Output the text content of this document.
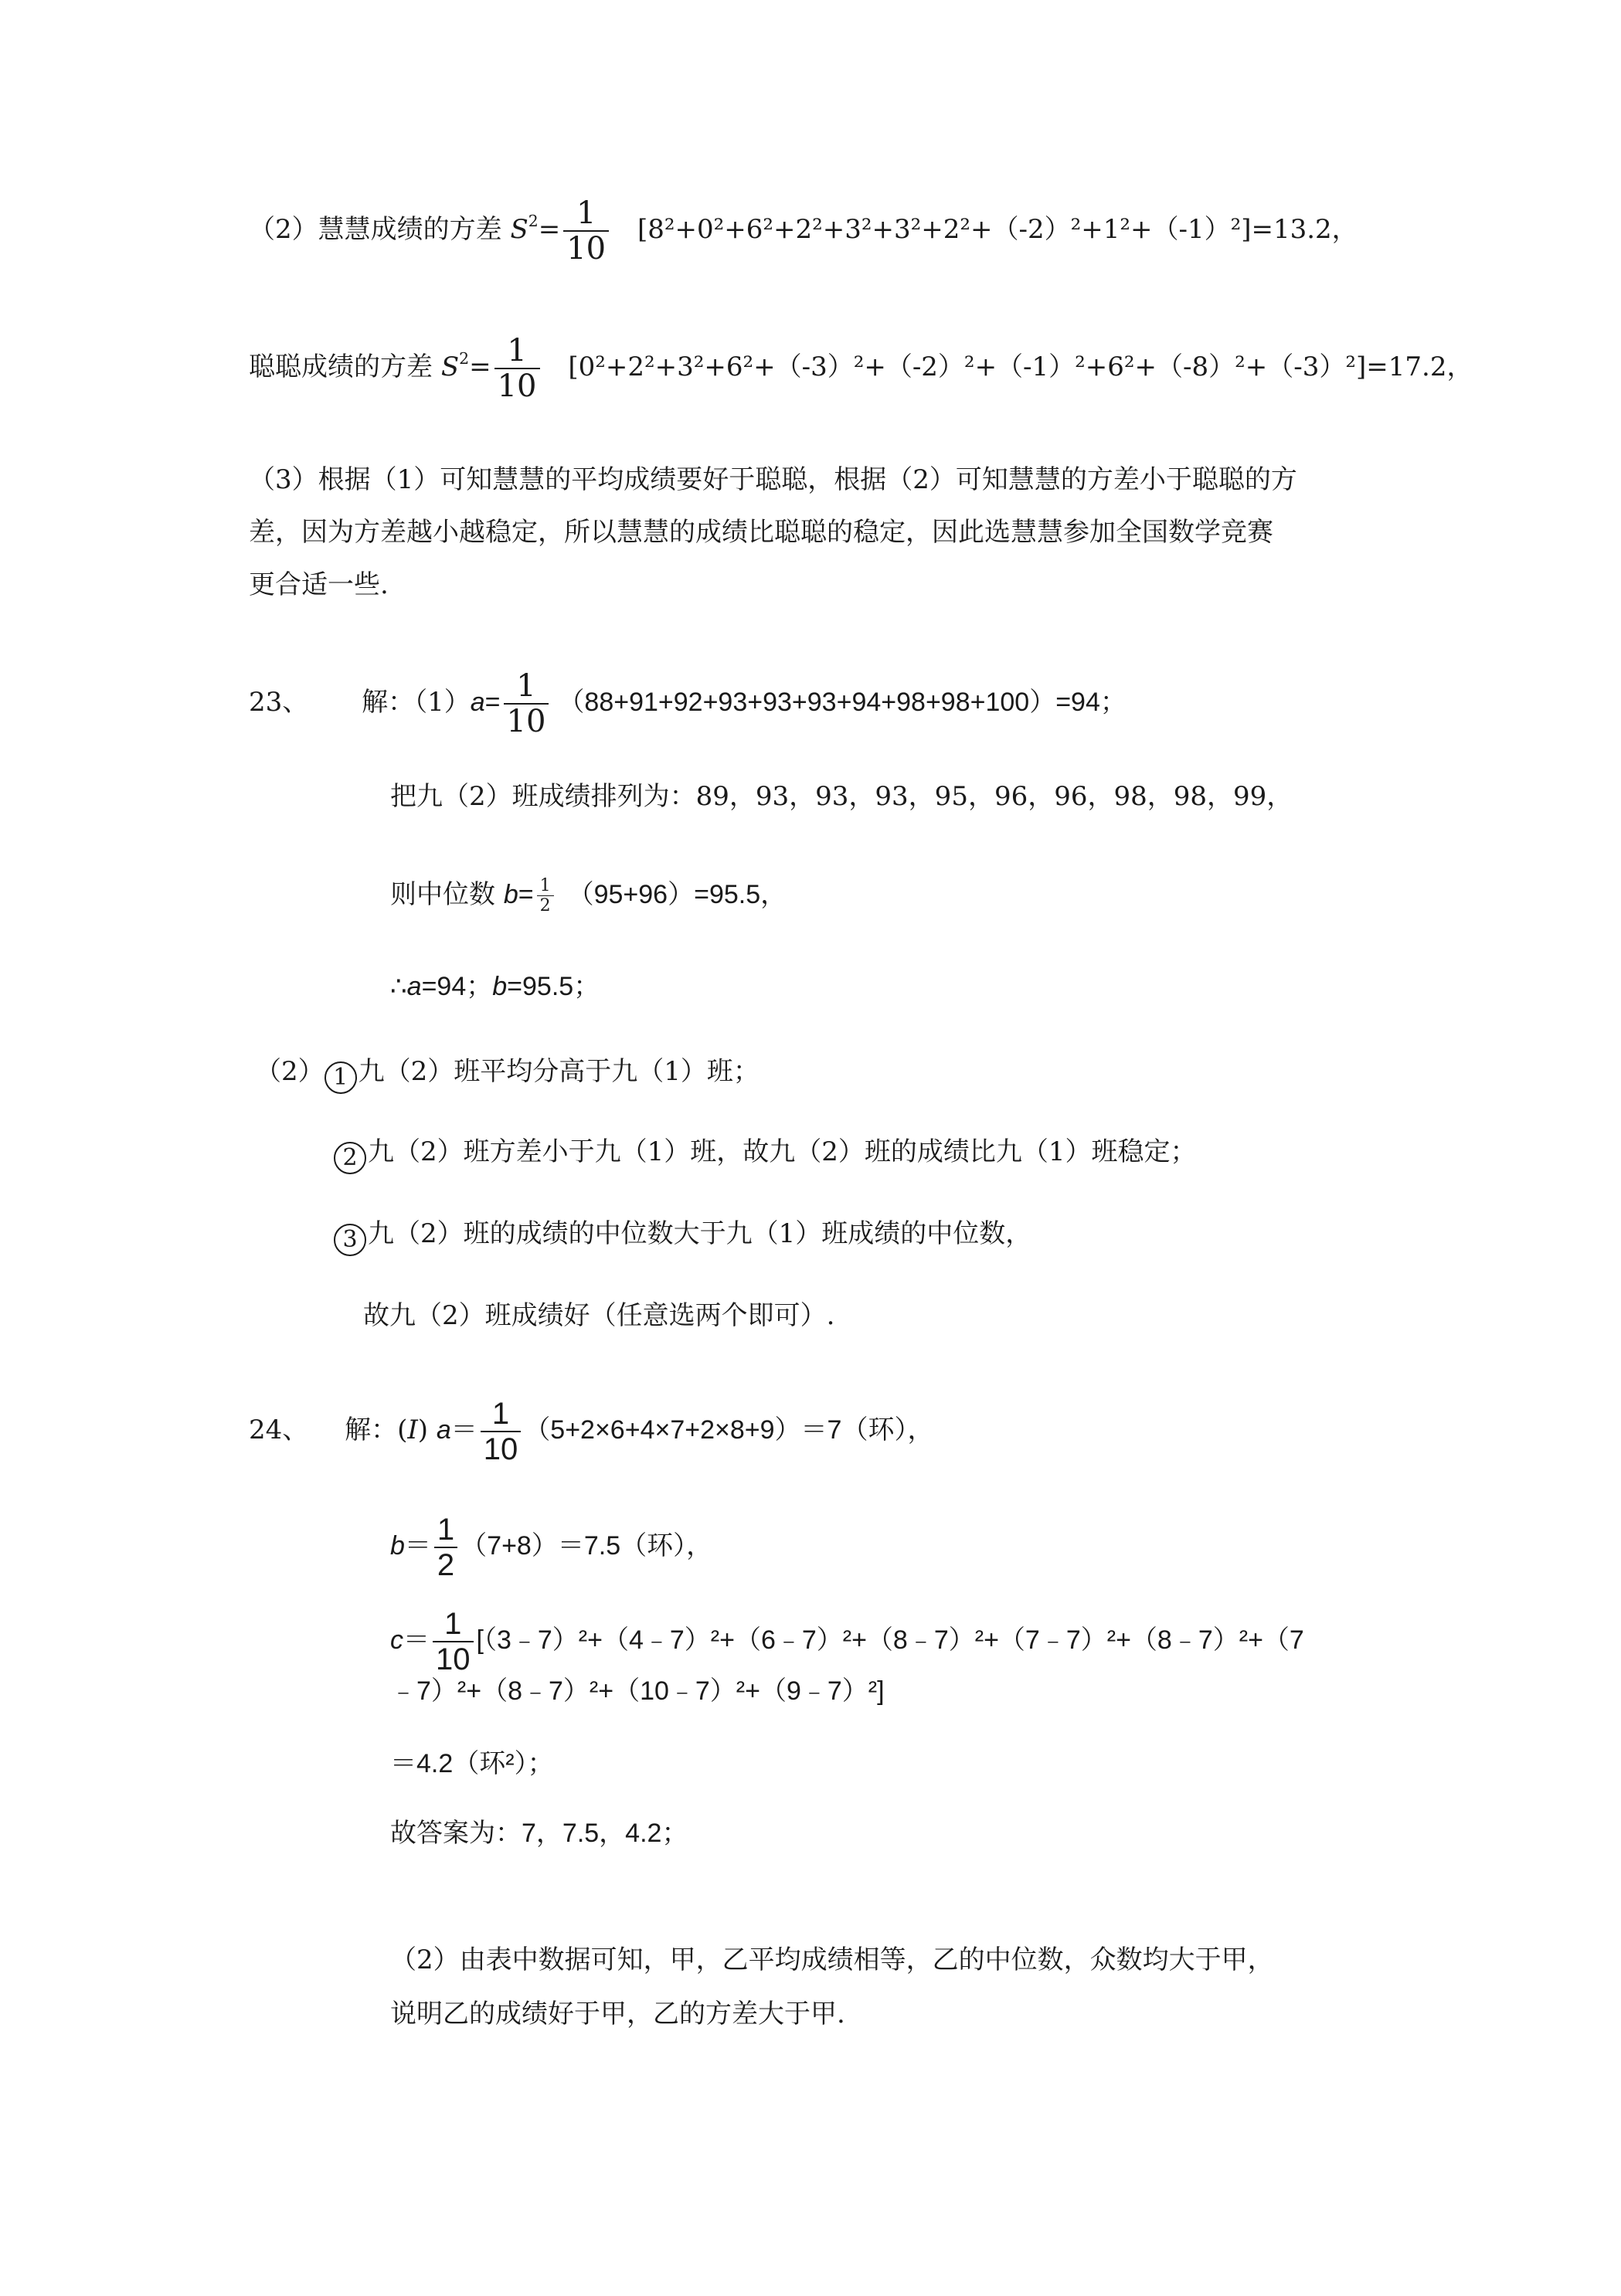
（2）慧慧成绩的方差 $S^2= \frac{1}{10} [8^2+0^2+6^2+2^2+3^2+3^2+2^2+(-2)^2+1^2+(-1)^2]=13.2$，
聪聪成绩的方差 $S^2= \frac{1}{10} [0^2+2^2+3^2+6^2+(-3)^2+(-2)^2+(-1)^2+6^2+(-8)^2+(-3)^2]=17.2$，
（3）根据（1）可知慧慧的平均成绩要好于聪聪，根据（2）可知慧慧的方差小于聪聪的方
差，因为方差越小越稳定，所以慧慧的成绩比聪聪的稳定，因此选慧慧参加全国数学竞赛
更合适一些.
23、 解：$(1)a= \frac{1}{10} (88+91+92+93+93+93+94+98+98+100)=94$；
把九（2）班成绩排列为：89，93，93，93，95，96，96，98，98，99，
则中位数 $b= \frac{1}{2} (95+96)=95.5$，
∴a=94；b=95.5；
（2） 1 九（2）班平均分高于九（1）班；
2 九（2）班方差小于九（1）班，故九（2）班的成绩比九（1）班稳定；
3 九（2）班的成绩的中位数大于九（1）班成绩的中位数，
故九（2）班成绩好（任意选两个即可）.
24、 解：(I) $a= \frac{1}{10} (5+2\times 6+4\times 7+2\times 8+9)=7$（环），
$b= \frac{1}{2} (7+8)=7.5$（环），
$c= \frac{1}{10}$ [（3﹣7）²+（4﹣7）²+（6﹣7）²+（8﹣7）²+（7﹣7）²+（8﹣7）²+（7
﹣7）²+（8﹣7）²+（10﹣7）²+（9﹣7）²]
＝4.2（环²）；
故答案为：7，7.5，4.2；
（2）由表中数据可知，甲，乙平均成绩相等，乙的中位数，众数均大于甲，
说明乙的成绩好于甲，乙的方差大于甲.
